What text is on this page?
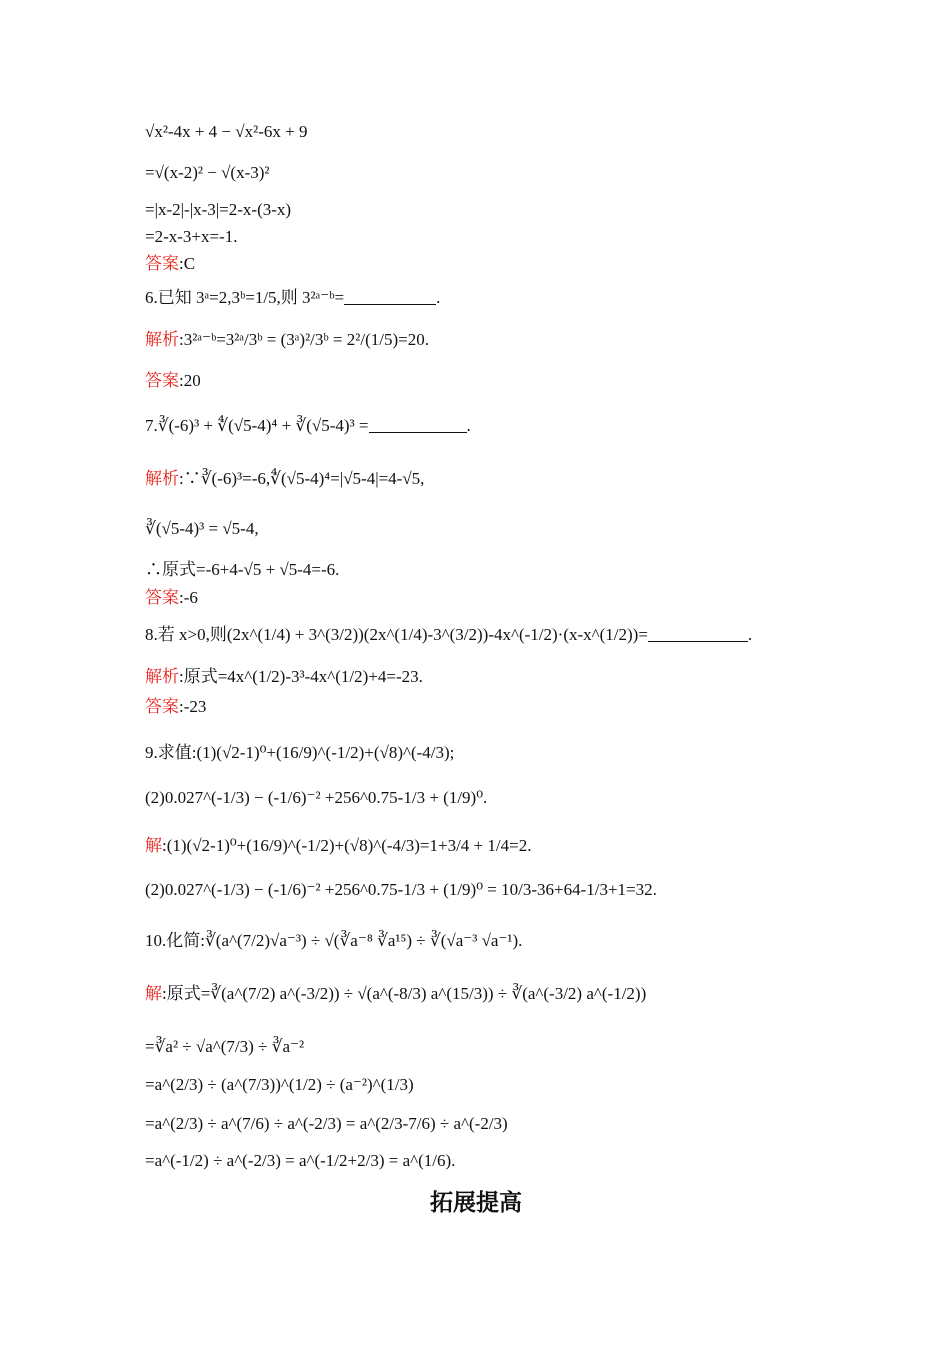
√x²-4x + 4 − √x²-6x + 9
=√(x-2)² − √(x-3)²
=|x-2|-|x-3|=2-x-(3-x)
=2-x-3+x=-1.
答案:C
6.已知 3ᵃ=2,3ᵇ=1/5,则 3²ᵃ⁻ᵇ=	.
解析:3²ᵃ⁻ᵇ=3²ᵃ/3ᵇ = (3ᵃ)²/3ᵇ = 2²/(1/5)=20.
答案:20
7.∛(-6)³ + ∜(√5-4)⁴ + ∛(√5-4)³ =	.
解析:∵∛(-6)³=-6,∜(√5-4)⁴=|√5-4|=4-√5,
∛(√5-4)³ = √5-4,
∴原式=-6+4-√5 + √5-4=-6.
答案:-6
8.若 x>0,则(2x^(1/4) + 3^(3/2))(2x^(1/4)-3^(3/2))-4x^(-1/2)·(x-x^(1/2))=	.
解析:原式=4x^(1/2)-3³-4x^(1/2)+4=-23.
答案:-23
9.求值:(1)(√2-1)⁰+(16/9)^(-1/2)+(√8)^(-4/3);
(2)0.027^(-1/3) − (-1/6)⁻² +256^0.75-1/3 + (1/9)⁰.
解:(1)(√2-1)⁰+(16/9)^(-1/2)+(√8)^(-4/3)=1+3/4 + 1/4=2.
(2)0.027^(-1/3) − (-1/6)⁻² +256^0.75-1/3 + (1/9)⁰ = 10/3-36+64-1/3+1=32.
10.化简:∛(a^(7/2)√a⁻³) ÷ √(∛a⁻⁸ ∛a¹⁵) ÷ ∛(√a⁻³ √a⁻¹).
解:原式=∛(a^(7/2) a^(-3/2)) ÷ √(a^(-8/3) a^(15/3)) ÷ ∛(a^(-3/2) a^(-1/2))
=∛a² ÷ √a^(7/3) ÷ ∛a⁻²
=a^(2/3) ÷ (a^(7/3))^(1/2) ÷ (a⁻²)^(1/3)
=a^(2/3) ÷ a^(7/6) ÷ a^(-2/3) = a^(2/3-7/6) ÷ a^(-2/3)
=a^(-1/2) ÷ a^(-2/3) = a^(-1/2+2/3) = a^(1/6).
拓展提高
